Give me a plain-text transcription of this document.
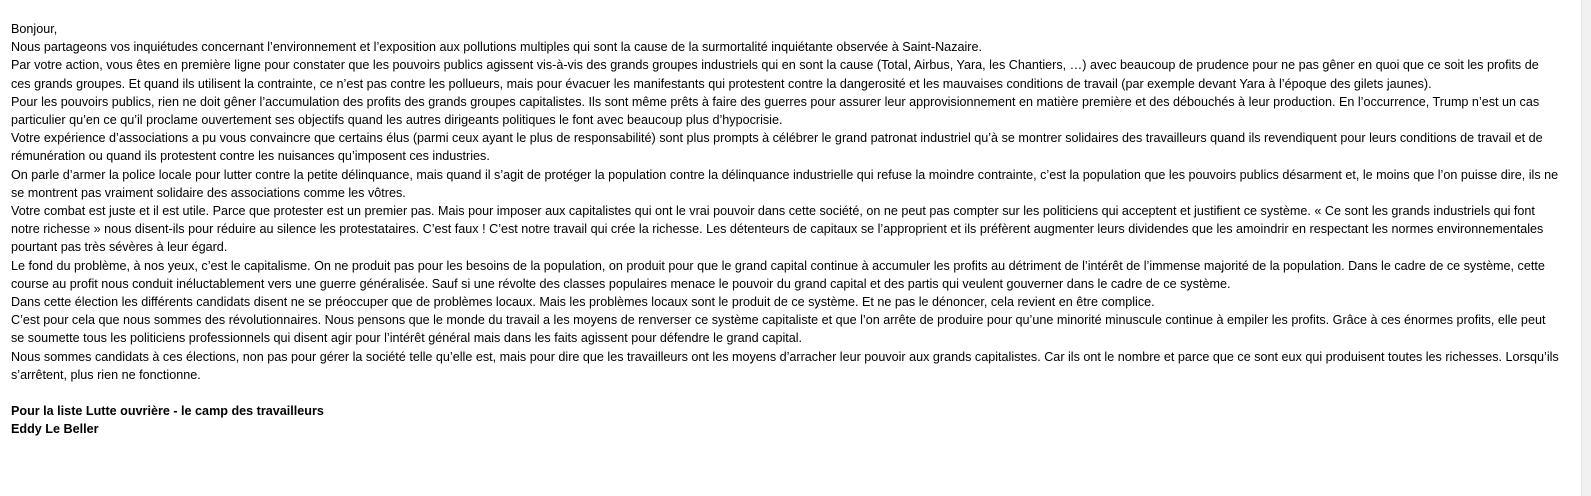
Bonjour,

Nous partageons vos inquiétudes concernant l’environnement et l’exposition aux pollutions multiples qui sont la cause de la surmortalité inquiétante observée à Saint-Nazaire.

Par votre action, vous êtes en première ligne pour constater que les pouvoirs publics agissent vis-à-vis des grands groupes industriels qui en sont la cause (Total, Airbus, Yara, les Chantiers, …) avec beaucoup de prudence pour ne pas gêner en quoi que ce soit les profits de ces grands groupes. Et quand ils utilisent la contrainte, ce n’est pas contre les pollueurs, mais pour évacuer les manifestants qui protestent contre la dangerosité et les mauvaises conditions de travail (par exemple devant Yara à l’époque des gilets jaunes).

Pour les pouvoirs publics, rien ne doit gêner l’accumulation des profits des grands groupes capitalistes. Ils sont même prêts à faire des guerres pour assurer leur approvisionnement en matière première et des débouchés à leur production. En l’occurrence, Trump n’est un cas particulier qu’en ce qu’il proclame ouvertement ses objectifs quand les autres dirigeants politiques le font avec beaucoup plus d’hypocrisie.

Votre expérience d’associations a pu vous convaincre que certains élus (parmi ceux ayant le plus de responsabilité) sont plus prompts à célébrer le grand patronat industriel qu’à se montrer solidaires des travailleurs quand ils revendiquent pour leurs conditions de travail et de rémunération ou quand ils protestent contre les nuisances qu’imposent ces industries.

On parle d’armer la police locale pour lutter contre la petite délinquance, mais quand il s’agit de protéger la population contre la délinquance industrielle qui refuse la moindre contrainte, c’est la population que les pouvoirs publics désarment et, le moins que l’on puisse dire, ils ne se montrent pas vraiment solidaire des associations comme les vôtres.

Votre combat est juste et il est utile. Parce que protester est un premier pas. Mais pour imposer aux capitalistes qui ont le vrai pouvoir dans cette société, on ne peut pas compter sur les politiciens qui acceptent et justifient ce système. « Ce sont les grands industriels qui font notre richesse » nous disent-ils pour réduire au silence les protestataires. C’est faux ! C’est notre travail qui crée la richesse. Les détenteurs de capitaux se l’approprient et ils préfèrent augmenter leurs dividendes que les amoindrir en respectant les normes environnementales pourtant pas très sévères à leur égard.

Le fond du problème, à nos yeux, c’est le capitalisme. On ne produit pas pour les besoins de la population, on produit pour que le grand capital continue à accumuler les profits au détriment de l’intérêt de l’immense majorité de la population. Dans le cadre de ce système, cette course au profit nous conduit inéluctablement vers une guerre généralisée. Sauf si une révolte des classes populaires menace le pouvoir du grand capital et des partis qui veulent gouverner dans le cadre de ce système.

Dans cette élection les différents candidats disent ne se préoccuper que de problèmes locaux. Mais les problèmes locaux sont le produit de ce système. Et ne pas le dénoncer, cela revient en être complice.

C’est pour cela que nous sommes des révolutionnaires. Nous pensons que le monde du travail a les moyens de renverser ce système capitaliste et que l’on arrête de produire pour qu’une minorité minuscule continue à empiler les profits. Grâce à ces énormes profits, elle peut se soumette tous les politiciens professionnels qui disent agir pour l’intérêt général mais dans les faits agissent pour défendre le grand capital.

Nous sommes candidats à ces élections, non pas pour gérer la société telle qu’elle est, mais pour dire que les travailleurs ont les moyens d’arracher leur pouvoir aux grands capitalistes. Car ils ont le nombre et parce que ce sont eux qui produisent toutes les richesses. Lorsqu’ils s’arrêtent, plus rien ne fonctionne.

Pour la liste Lutte ouvrière - le camp des travailleurs

Eddy Le Beller
